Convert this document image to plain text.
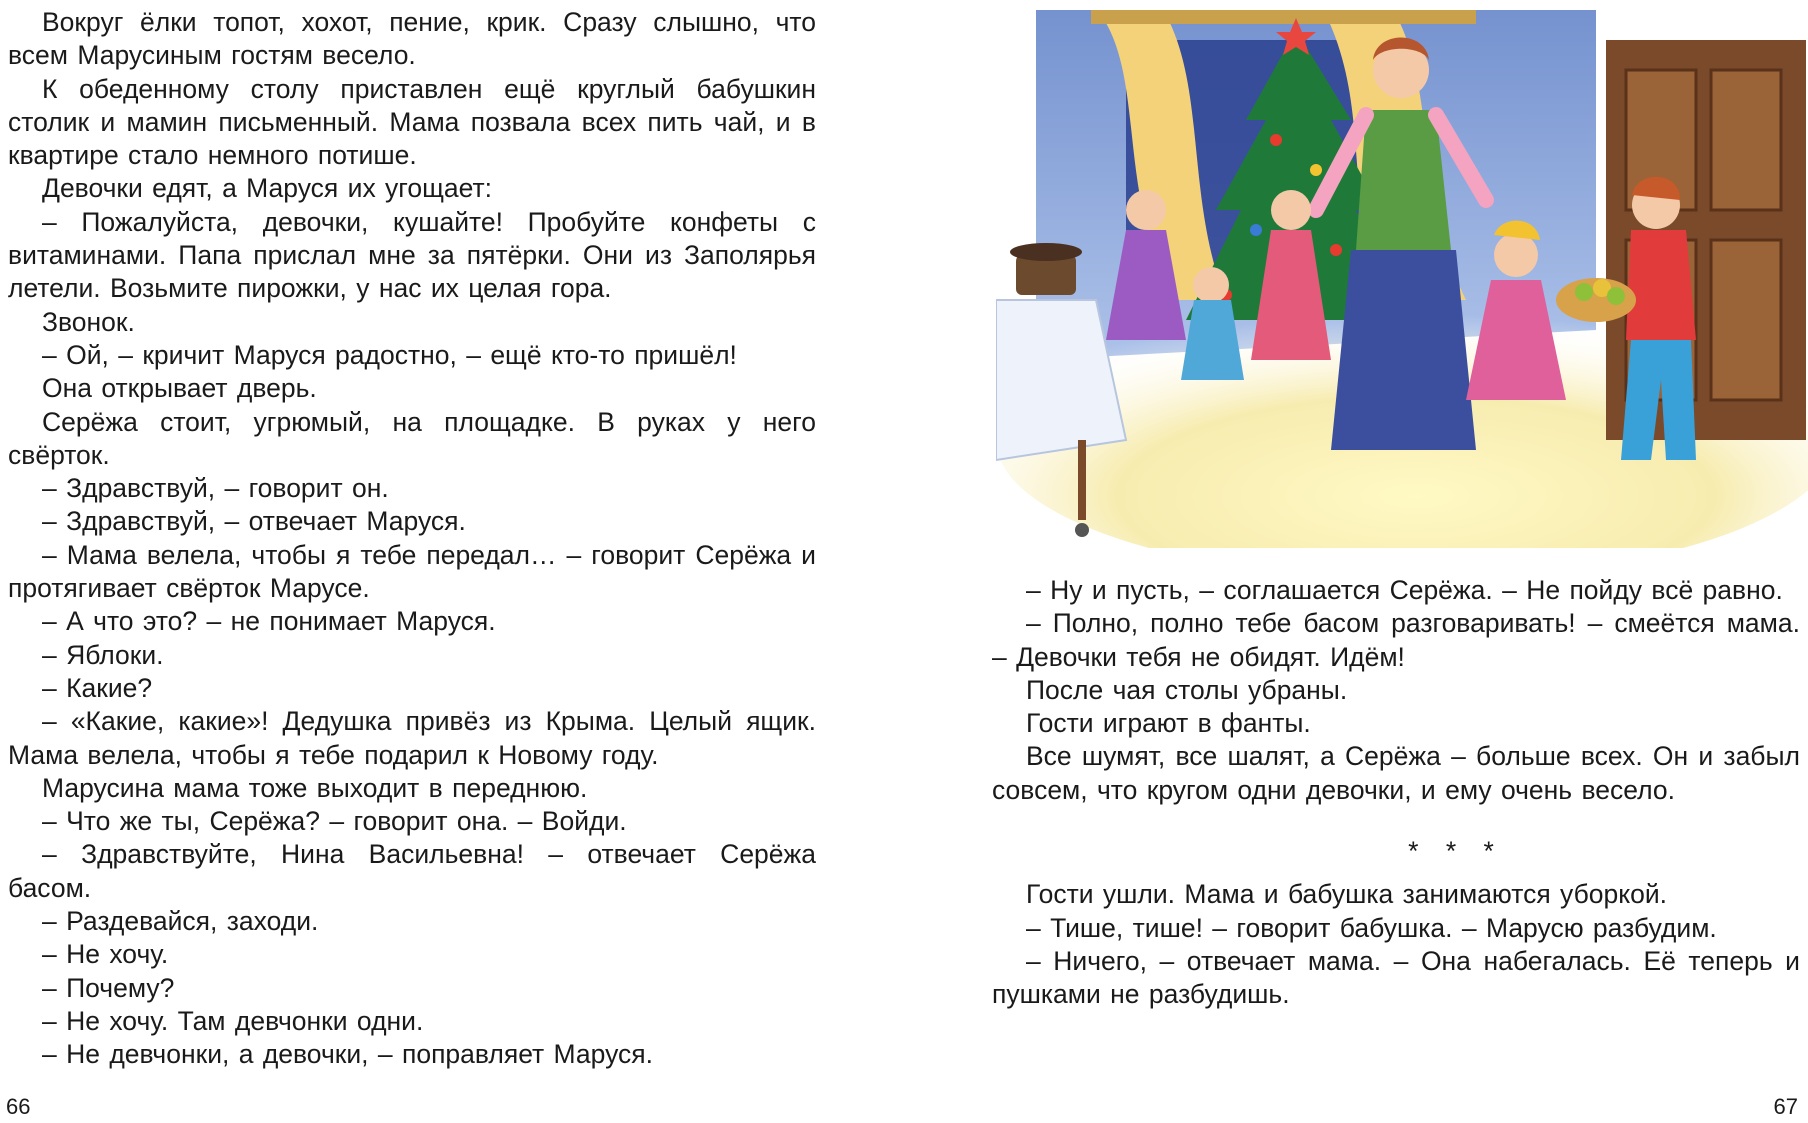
Вокруг ёлки топот, хохот, пение, крик. Сразу слышно, что всем Марусиным гостям весело.

К обеденному столу приставлен ещё круглый бабушкин столик и мамин письменный. Мама позвала всех пить чай, и в квартире стало немного потише.

Девочки едят, а Маруся их угощает:

– Пожалуйста, девочки, кушайте! Пробуйте конфеты с витаминами. Папа прислал мне за пятёрки. Они из Заполярья летели. Возьмите пирожки, у нас их целая гора.

Звонок.

– Ой, – кричит Маруся радостно, – ещё кто-то пришёл!

Она открывает дверь.

Серёжа стоит, угрюмый, на площадке. В руках у него свёрток.

– Здравствуй, – говорит он.

– Здравствуй, – отвечает Маруся.

– Мама велела, чтобы я тебе передал… – говорит Серёжа и протягивает свёрток Марусе.

– А что это? – не понимает Маруся.

– Яблоки.

– Какие?

– «Какие, какие»! Дедушка привёз из Крыма. Целый ящик. Мама велела, чтобы я тебе подарил к Новому году.

Марусина мама тоже выходит в переднюю.

– Что же ты, Серёжа? – говорит она. – Войди.

– Здравствуйте, Нина Васильевна! – отвечает Серёжа басом.

– Раздевайся, заходи.

– Не хочу.

– Почему?

– Не хочу. Там девчонки одни.

– Не девчонки, а девочки, – поправляет Маруся.

66

– Ну и пусть, – соглашается Серёжа. – Не пойду всё равно.

– Полно, полно тебе басом разговаривать! – смеётся мама. – Девочки тебя не обидят. Идём!

После чая столы убраны.

Гости играют в фанты.

Все шумят, все шалят, а Серёжа – больше всех. Он и забыл совсем, что кругом одни девочки, и ему очень весело.

* * *

Гости ушли. Мама и бабушка занимаются уборкой.

– Тише, тише! – говорит бабушка. – Марусю разбудим.

– Ничего, – отвечает мама. – Она набегалась. Её теперь и пушками не разбудишь.

67
